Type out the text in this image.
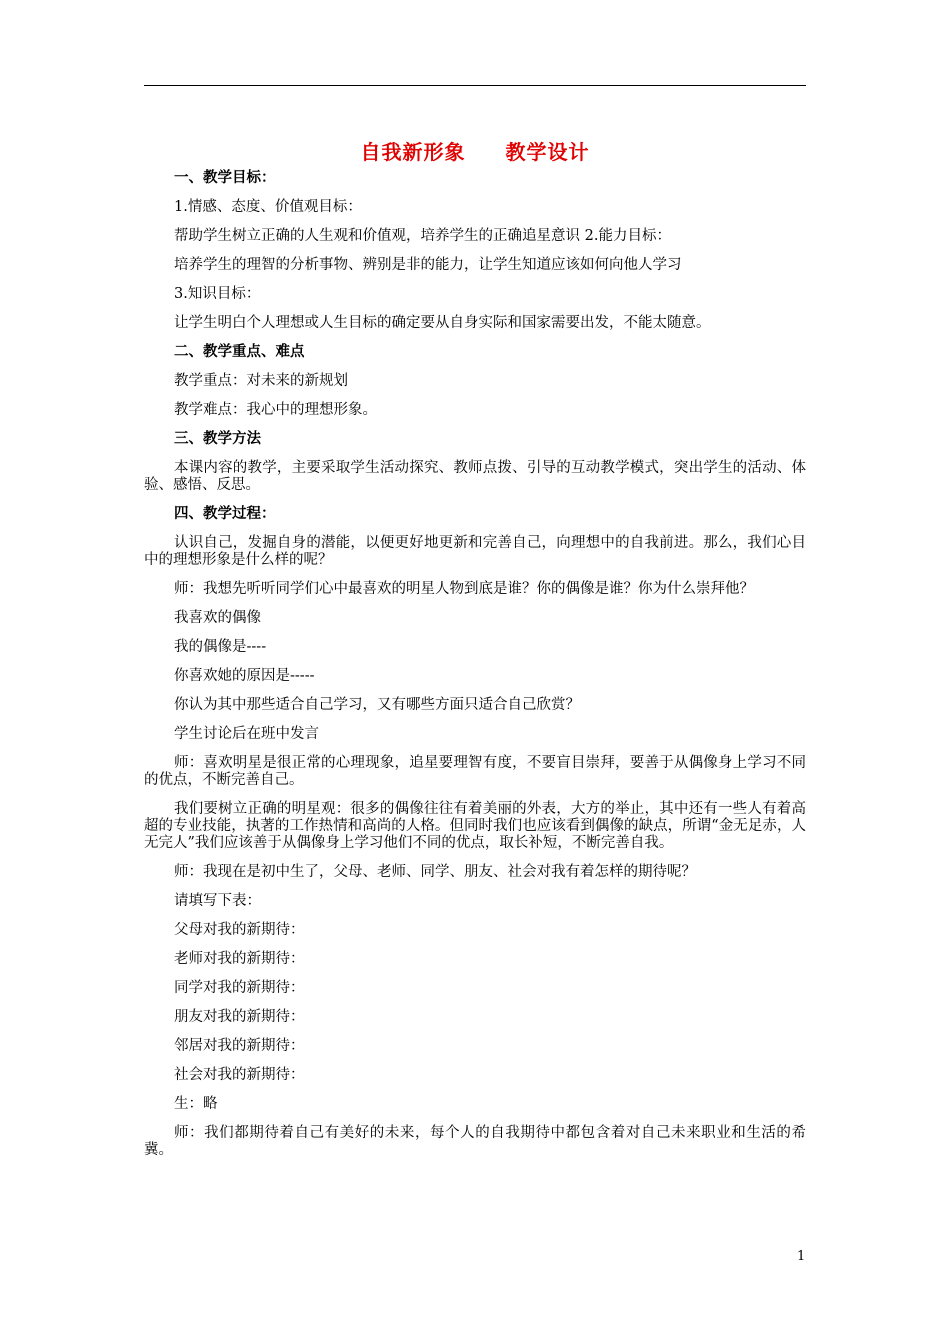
自我新形象 教学设计

一、教学目标：

1.情感、态度、价值观目标：

帮助学生树立正确的人生观和价值观，培养学生的正确追星意识 2.能力目标：

培养学生的理智的分析事物、辨别是非的能力，让学生知道应该如何向他人学习

3.知识目标：

让学生明白个人理想或人生目标的确定要从自身实际和国家需要出发，不能太随意。

二、教学重点、难点

教学重点：对未来的新规划

教学难点：我心中的理想形象。

三、教学方法

本课内容的教学，主要采取学生活动探究、教师点拨、引导的互动教学模式，突出学生的活动、体验、感悟、反思。

四、教学过程：

认识自己，发掘自身的潜能，以便更好地更新和完善自己，向理想中的自我前进。那么，我们心目中的理想形象是什么样的呢？

师：我想先听听同学们心中最喜欢的明星人物到底是谁？你的偶像是谁？你为什么崇拜他？

我喜欢的偶像

我的偶像是----

你喜欢她的原因是-----

你认为其中那些适合自己学习，又有哪些方面只适合自己欣赏？

学生讨论后在班中发言

师：喜欢明星是很正常的心理现象，追星要理智有度，不要盲目崇拜，要善于从偶像身上学习不同的优点，不断完善自己。

我们要树立正确的明星观：很多的偶像往往有着美丽的外表，大方的举止，其中还有一些人有着高超的专业技能，执著的工作热情和高尚的人格。但同时我们也应该看到偶像的缺点，所谓“金无足赤，人无完人”我们应该善于从偶像身上学习他们不同的优点，取长补短，不断完善自我。

师：我现在是初中生了，父母、老师、同学、朋友、社会对我有着怎样的期待呢？

请填写下表：

父母对我的新期待：

老师对我的新期待：

同学对我的新期待：

朋友对我的新期待：

邻居对我的新期待：

社会对我的新期待：

生：略

师：我们都期待着自己有美好的未来，每个人的自我期待中都包含着对自己未来职业和生活的希冀。

1
